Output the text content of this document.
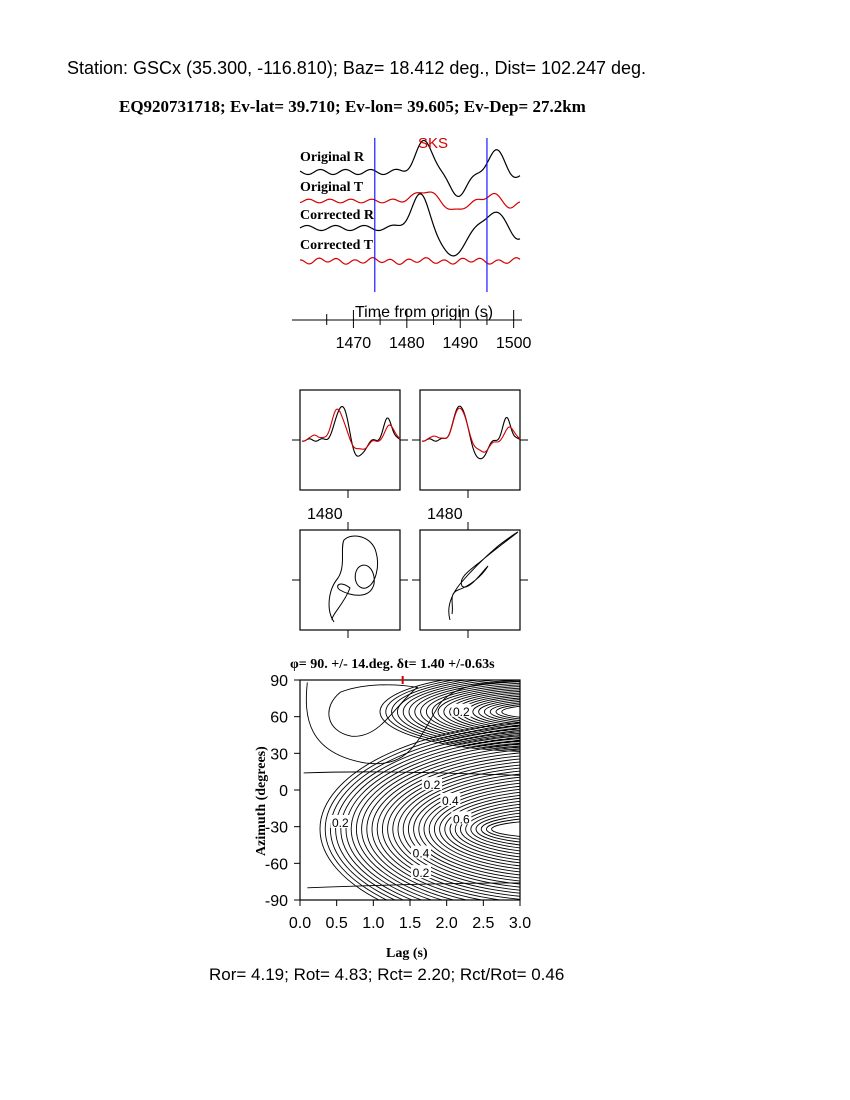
Station: GSCx (35.300, -116.810); Baz= 18.412 deg., Dist= 102.247 deg.
EQ920731718; Ev-lat= 39.710; Ev-lon= 39.605; Ev-Dep= 27.2km
Original R
Original T
Corrected R
Corrected T
SKS
1470 1480 1490 1500
Time from origin (s)
1480	1480
φ= 90. +/- 14.deg. δt= 1.40 +/-0.63s
0.0 0.5 1.0 1.5 2.0 2.5 3.0
90
60
30
0
-30
-60
-90
0.2
0.2
0.4
0.6
0.2
0.4
0.2
Lag (s)
Azimuth (degrees)
Ror= 4.19; Rot= 4.83; Rct= 2.20; Rct/Rot= 0.46
